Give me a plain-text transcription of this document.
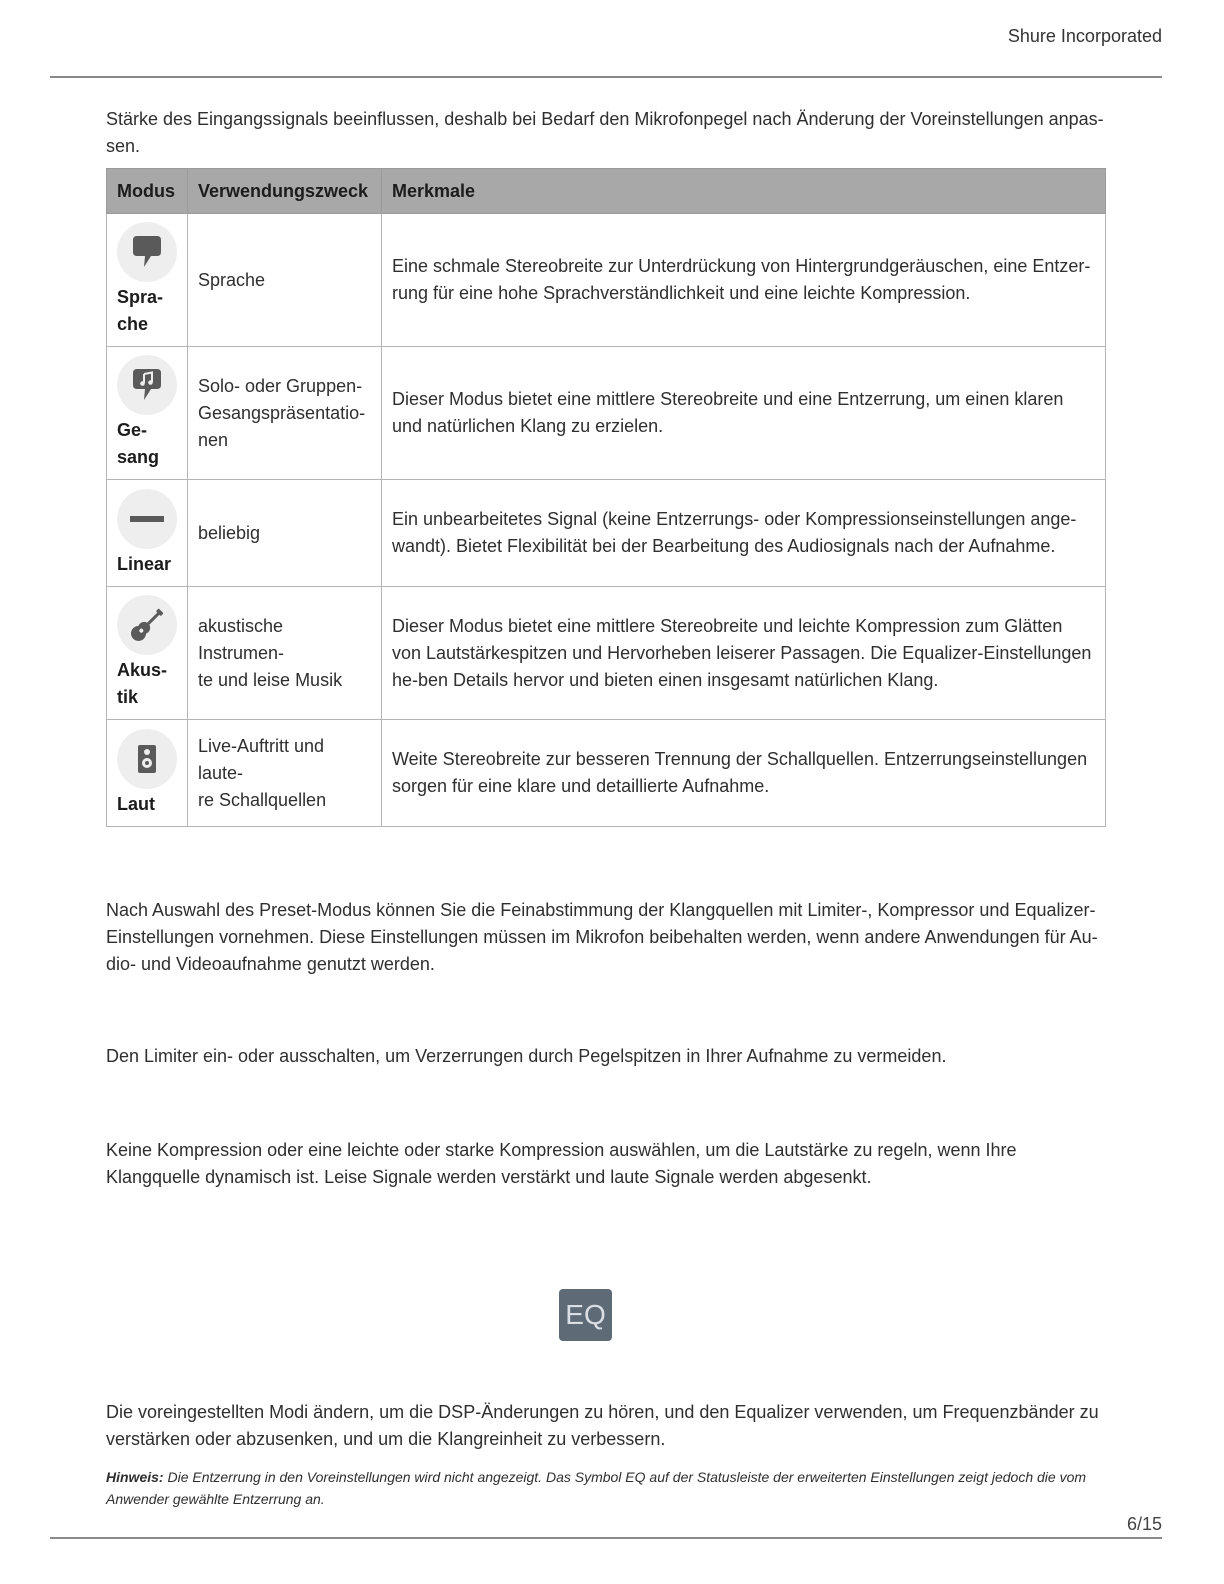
Shure Incorporated
Stärke des Eingangssignals beeinflussen, deshalb bei Bedarf den Mikrofonpegel nach Änderung der Voreinstellungen anpas-sen.
Modus	Verwendungszweck	Merkmale

Spra-
che	Sprache	Eine schmale Stereobreite zur Unterdrückung von Hintergrundgeräuschen, eine Entzer-rung für eine hohe Sprachverständlichkeit und eine leichte Kompression.

Ge-
sang	Solo- oder Gruppen-
Gesangspräsentatio-
nen	Dieser Modus bietet eine mittlere Stereobreite und eine Entzerrung, um einen klaren und natürlichen Klang zu erzielen.

Linear	beliebig	Ein unbearbeitetes Signal (keine Entzerrungs- oder Kompressionseinstellungen ange-wandt). Bietet Flexibilität bei der Bearbeitung des Audiosignals nach der Aufnahme.

Akus-
tik	akustische Instrumen-
te und leise Musik	Dieser Modus bietet eine mittlere Stereobreite und leichte Kompression zum Glätten von Lautstärkespitzen und Hervorheben leiserer Passagen. Die Equalizer-Einstellungen he-ben Details hervor und bieten einen insgesamt natürlichen Klang.

Laut	Live-Auftritt und laute-
re Schallquellen	Weite Stereobreite zur besseren Trennung der Schallquellen. Entzerrungseinstellungen sorgen für eine klare und detaillierte Aufnahme.
Nach Auswahl des Preset-Modus können Sie die Feinabstimmung der Klangquellen mit Limiter-, Kompressor und Equalizer-Einstellungen vornehmen. Diese Einstellungen müssen im Mikrofon beibehalten werden, wenn andere Anwendungen für Au-dio- und Videoaufnahme genutzt werden.
Den Limiter ein- oder ausschalten, um Verzerrungen durch Pegelspitzen in Ihrer Aufnahme zu vermeiden.
Keine Kompression oder eine leichte oder starke Kompression auswählen, um die Lautstärke zu regeln, wenn Ihre Klangquelle dynamisch ist. Leise Signale werden verstärkt und laute Signale werden abgesenkt.
EQ
Die voreingestellten Modi ändern, um die DSP-Änderungen zu hören, und den Equalizer verwenden, um Frequenzbänder zu verstärken oder abzusenken, und um die Klangreinheit zu verbessern.
Hinweis: Die Entzerrung in den Voreinstellungen wird nicht angezeigt. Das Symbol EQ auf der Statusleiste der erweiterten Einstellungen zeigt jedoch die vom Anwender gewählte Entzerrung an.
6/15
